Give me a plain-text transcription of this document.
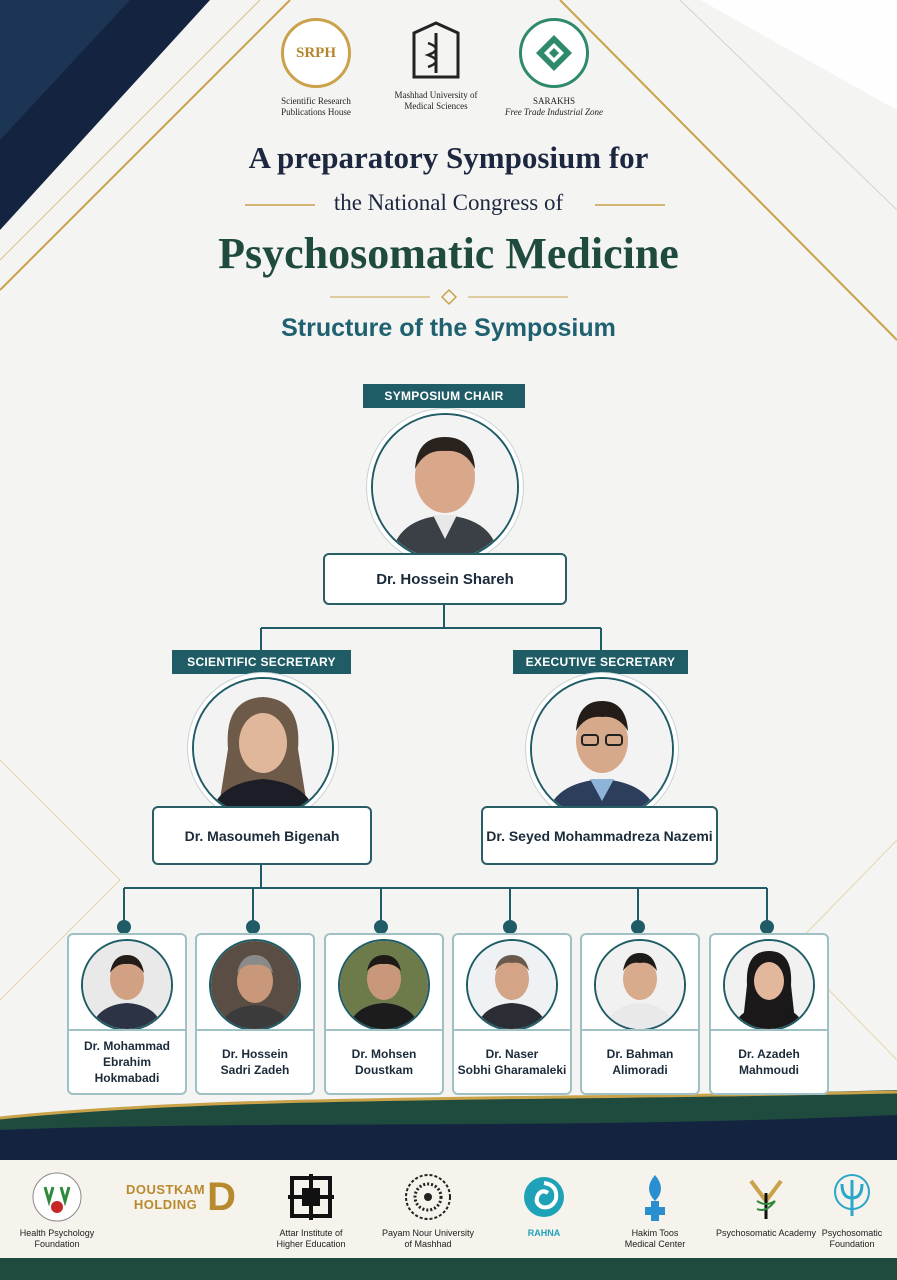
SRPH
Scientific Research
Publications House
Mashhad University of
Medical Sciences	SARAKHS
Free Trade Industrial Zone
A preparatory Symposium for
the National Congress of
Psychosomatic Medicine
Structure of the Symposium
SYMPOSIUM CHAIR
Dr. Hossein Shareh
SCIENTIFIC SECRETARY
Dr. Masoumeh Bigenah
EXECUTIVE SECRETARY
Dr. Seyed Mohammadreza Nazemi
Dr. Mohammad
Ebrahim
Hokmabadi
Dr. Hossein
Sadri Zadeh
Dr. Mohsen
Doustkam
Dr. Naser
Sobhi Gharamaleki
Dr. Bahman
Alimoradi
Dr. Azadeh
Mahmoudi
Health Psychology
Foundation
DOUSTKAM HOLDING D
Attar Institute of
Higher Education
Payam Nour University
of Mashhad
RAHNA	Hakim Toos
Medical Center
Psychosomatic Academy Psychosomatic
Foundation
